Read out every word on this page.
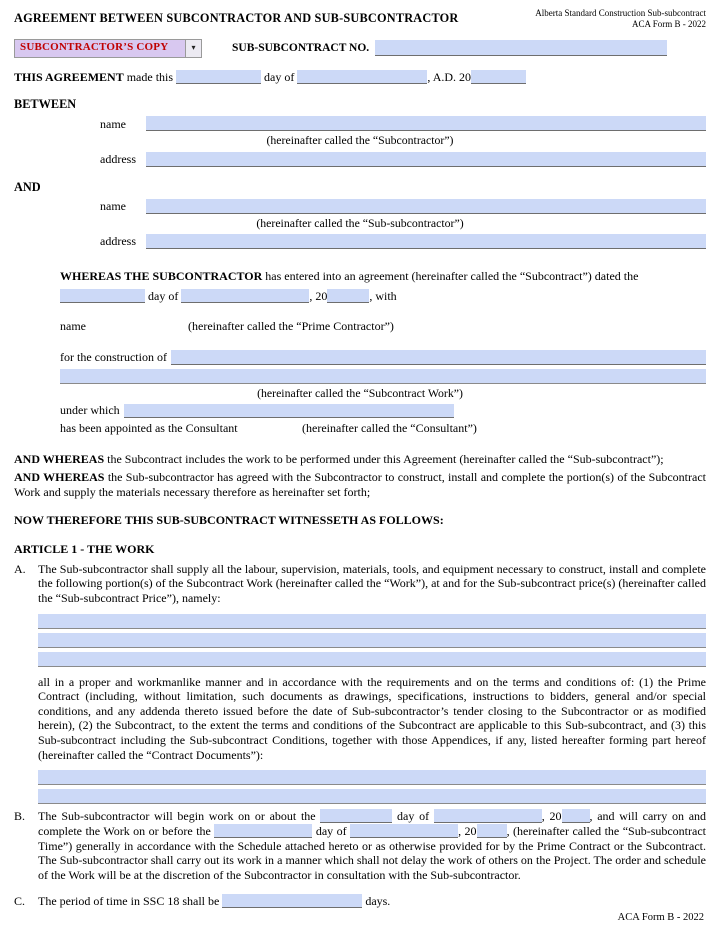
AGREEMENT BETWEEN SUBCONTRACTOR AND SUB-SUBCONTRACTOR	Alberta Standard Construction Sub-subcontract
ACA Form B - 2022
SUBCONTRACTOR’S COPY	▾	SUB-SUBCONTRACT NO.
THIS AGREEMENT made this	day of	, A.D. 20
BETWEEN
name
(hereinafter called the “Subcontractor”)
address
AND
name
(hereinafter called the “Sub-subcontractor”)
address
WHEREAS THE SUBCONTRACTOR has entered into an agreement (hereinafter called the “Subcontract”) dated the
day of	, 20	, with
name	(hereinafter called the “Prime Contractor”)
for the construction of
(hereinafter called the “Subcontract Work”)
under which
has been appointed as the Consultant	(hereinafter called the “Consultant”)
AND WHEREAS the Subcontract includes the work to be performed under this Agreement (hereinafter called the “Sub-subcontract”);
AND WHEREAS the Sub-subcontractor has agreed with the Subcontractor to construct, install and complete the portion(s) of the Subcontract Work and supply the materials necessary therefore as hereinafter set forth;
NOW THEREFORE THIS SUB-SUBCONTRACT WITNESSETH AS FOLLOWS:
ARTICLE 1 - THE WORK
A.	The Sub-subcontractor shall supply all the labour, supervision, materials, tools, and equipment necessary to construct, install and complete the following portion(s) of the Subcontract Work (hereinafter called the “Work”), at and for the Sub-subcontract price(s) (hereinafter called the “Sub-subcontract Price”), namely:

all in a proper and workmanlike manner and in accordance with the requirements and on the terms and conditions of: (1) the Prime Contract (including, without limitation, such documents as drawings, specifications, instructions to bidders, general and/or special conditions, and any addenda thereto issued before the date of Sub-subcontractor’s tender closing to the Subcontractor or as modified herein), (2) the Subcontract, to the extent the terms and conditions of the Subcontract are applicable to this Sub-subcontract, and (3) this Sub-subcontract including the Sub-subcontract Conditions, together with those Appendices, if any, listed hereafter forming part hereof (hereinafter called the “Contract Documents”):

B.	The Sub-subcontractor will begin work on or about the	day of	, 20 , and will carry on and complete the Work on or before the	day of	, 20	, (hereinafter called the “Sub-subcontract Time”) generally in accordance with the Schedule attached hereto or as otherwise provided for by the Prime Contract or the Subcontract. The Sub-subcontractor shall carry out its work in a manner which shall not delay the work of others on the Project. The order and schedule of the Work will be at the discretion of the Subcontractor in consultation with the Sub-subcontractor.

C.	The period of time in SSC 18 shall be	days.
ACA Form B - 2022
